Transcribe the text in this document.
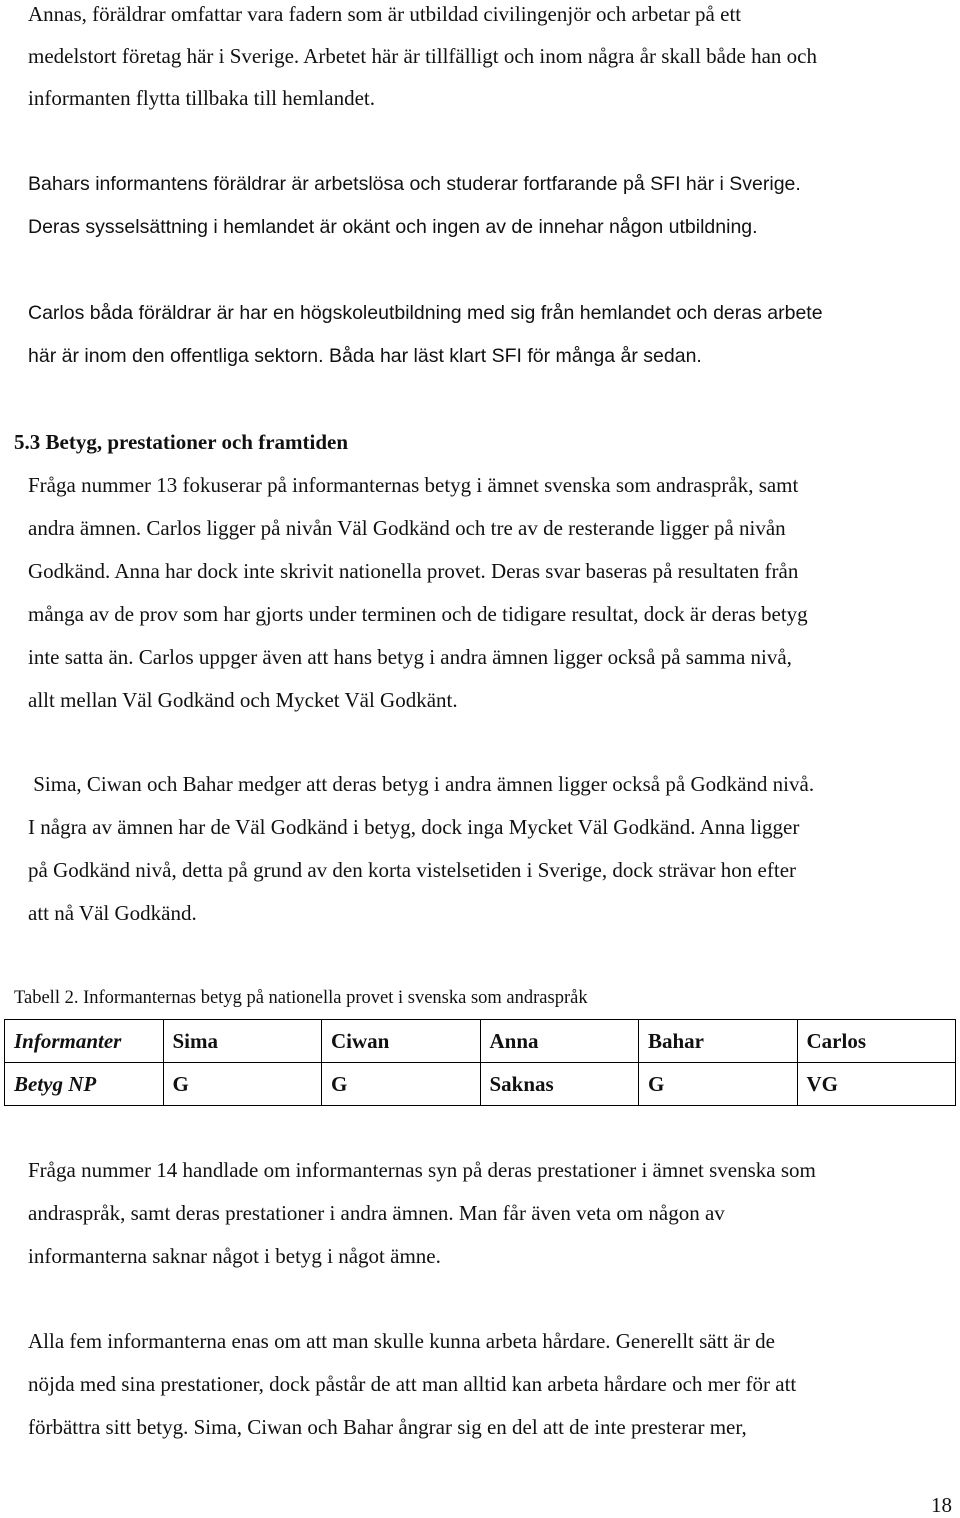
Annas, föräldrar omfattar vara fadern som är utbildad civilingenjör och arbetar på ett
medelstort företag här i Sverige. Arbetet här är tillfälligt och inom några år skall både han och
informanten flytta tillbaka till hemlandet.
Bahars informantens föräldrar är arbetslösa och studerar fortfarande på SFI här i Sverige.
Deras sysselsättning i hemlandet är okänt och ingen av de innehar någon utbildning.
Carlos båda föräldrar är har en högskoleutbildning med sig från hemlandet och deras arbete
här är inom den offentliga sektorn. Båda har läst klart SFI för många år sedan.
5.3 Betyg, prestationer och framtiden
Fråga nummer 13 fokuserar på informanternas betyg i ämnet svenska som andraspråk, samt
andra ämnen. Carlos ligger på nivån Väl Godkänd och tre av de resterande ligger på nivån
Godkänd. Anna har dock inte skrivit nationella provet. Deras svar baseras på resultaten från
många av de prov som har gjorts under terminen och de tidigare resultat, dock är deras betyg
inte satta än. Carlos uppger även att hans betyg i andra ämnen ligger också på samma nivå,
allt mellan Väl Godkänd och Mycket Väl Godkänt.
Sima, Ciwan och Bahar medger att deras betyg i andra ämnen ligger också på Godkänd nivå.
I några av ämnen har de Väl Godkänd i betyg, dock inga Mycket Väl Godkänd. Anna ligger
på Godkänd nivå, detta på grund av den korta vistelsetiden i Sverige, dock strävar hon efter
att nå Väl Godkänd.
Tabell 2. Informanternas betyg på nationella provet i svenska som andraspråk
Informanter	Sima	Ciwan	Anna	Bahar	Carlos
Betyg NP	G	G	Saknas	G	VG
Fråga nummer 14 handlade om informanternas syn på deras prestationer i ämnet svenska som
andraspråk, samt deras prestationer i andra ämnen. Man får även veta om någon av
informanterna saknar något i betyg i något ämne.
Alla fem informanterna enas om att man skulle kunna arbeta hårdare. Generellt sätt är de
nöjda med sina prestationer, dock påstår de att man alltid kan arbeta hårdare och mer för att
förbättra sitt betyg. Sima, Ciwan och Bahar ångrar sig en del att de inte presterar mer,
18
